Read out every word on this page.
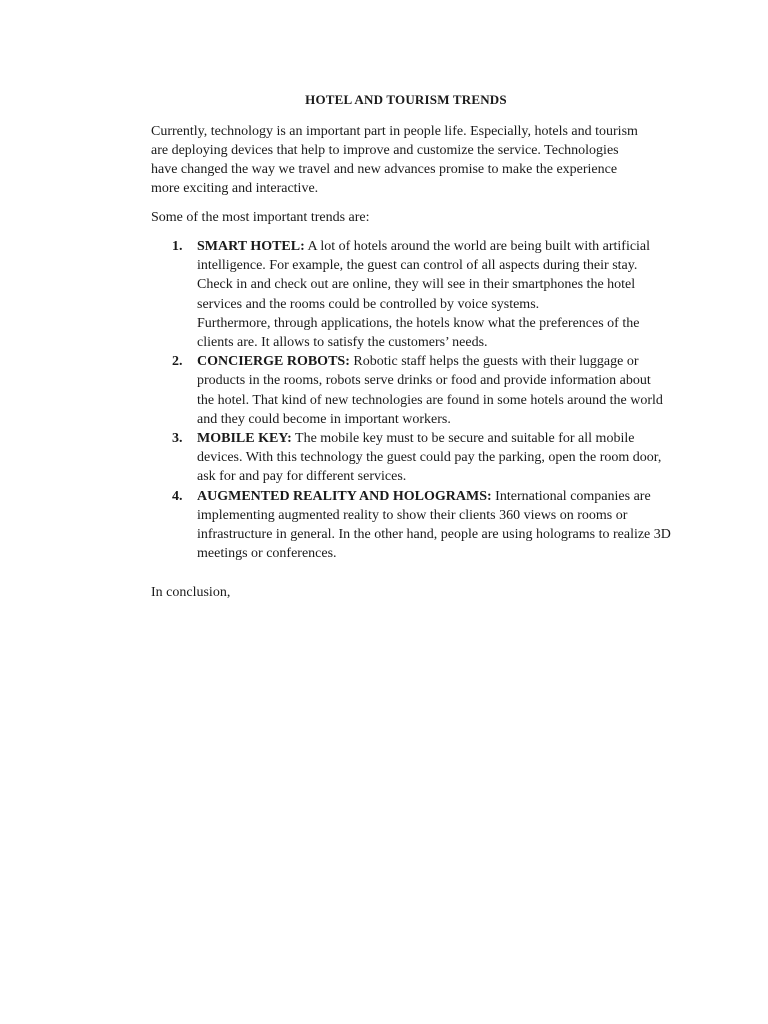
HOTEL AND TOURISM TRENDS

Currently, technology is an important part in people life. Especially, hotels and tourism are deploying devices that help to improve and customize the service. Technologies have changed the way we travel and new advances promise to make the experience more exciting and interactive.

Some of the most important trends are:

1. SMART HOTEL: A lot of hotels around the world are being built with artificial intelligence. For example, the guest can control of all aspects during their stay. Check in and check out are online, they will see in their smartphones the hotel services and the rooms could be controlled by voice systems.
Furthermore, through applications, the hotels know what the preferences of the clients are. It allows to satisfy the customers’ needs.
2. CONCIERGE ROBOTS: Robotic staff helps the guests with their luggage or products in the rooms, robots serve drinks or food and provide information about the hotel. That kind of new technologies are found in some hotels around the world and they could become in important workers.
3. MOBILE KEY: The mobile key must to be secure and suitable for all mobile devices. With this technology the guest could pay the parking, open the room door, ask for and pay for different services.
4. AUGMENTED REALITY AND HOLOGRAMS: International companies are implementing augmented reality to show their clients 360 views on rooms or infrastructure in general. In the other hand, people are using holograms to realize 3D meetings or conferences.

In conclusion,
